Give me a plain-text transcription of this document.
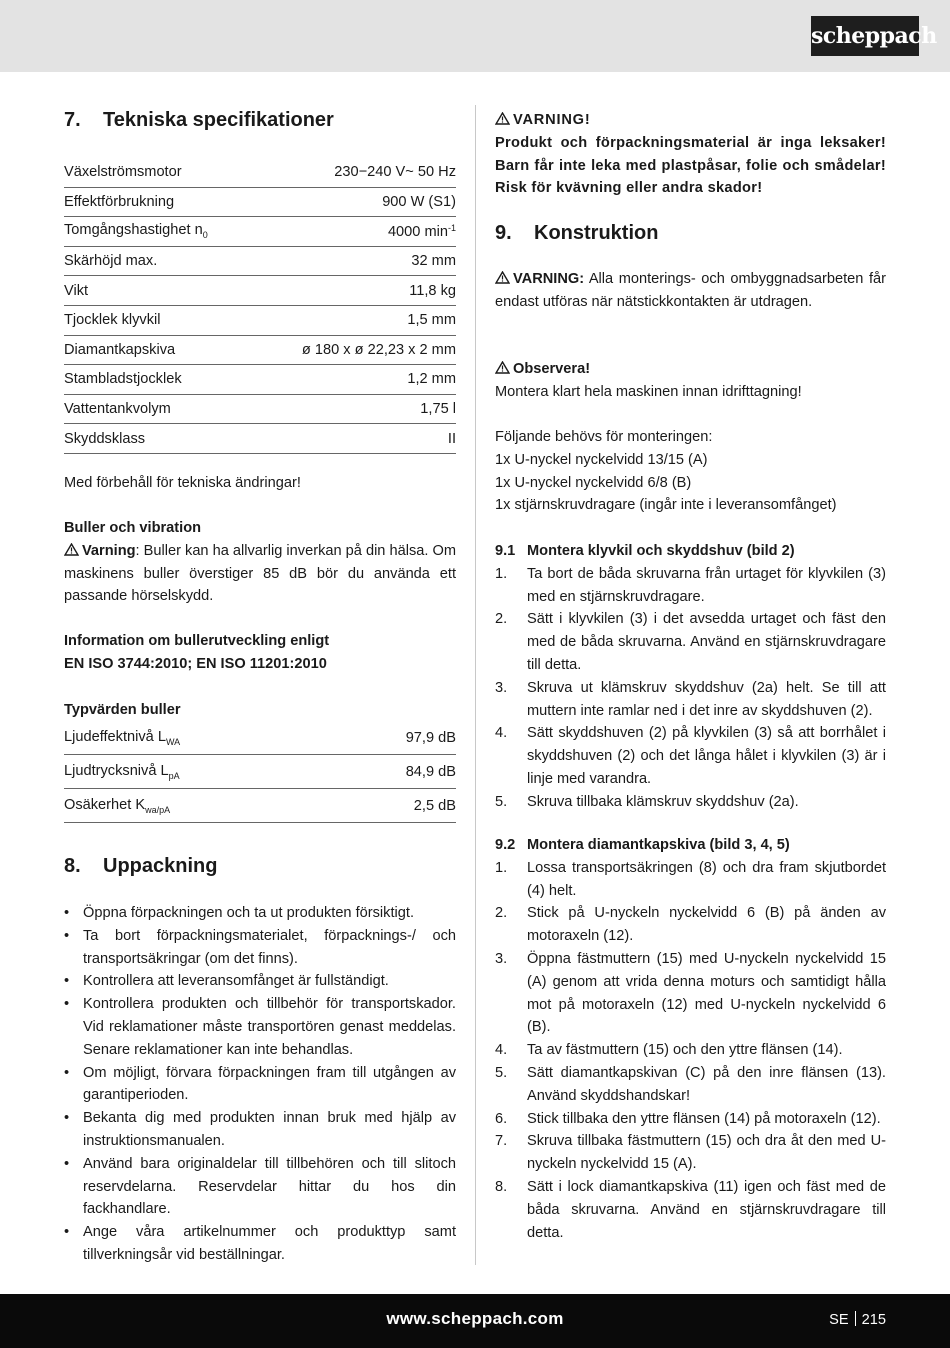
scheppach
7. Tekniska specifikationer
Växelströmsmotor	230−240 V~ 50 Hz
Effektförbrukning	900 W (S1)
Tomgångshastighet $n_0$	4000 $\min^{-1}$
Skärhöjd max.	32 mm
Vikt	11,8 kg
Tjocklek klyvkil	1,5 mm
Diamantkapskiva	ø 180 x ø 22,23 x 2 mm
Stambladstjocklek	1,2 mm
Vattentankvolym	1,75 l
Skyddsklass	II
Med förbehåll för tekniska ändringar!
Buller och vibration
Varning: Buller kan ha allvarlig inverkan på din hälsa. Om maskinens buller överstiger 85 dB bör du använda ett passande hörselskydd.
Information om bullerutveckling enligt
EN ISO 3744:2010; EN ISO 11201:2010
Typvärden buller
Ljudeffektnivå $L_{WA}$	97,9 dB
Ljudtrycksnivå $L_{pA}$	84,9 dB
Osäkerhet $K_{wa/pA}$	2,5 dB
8. Uppackning
• Öppna förpackningen och ta ut produkten försiktigt.
• Ta bort förpackningsmaterialet, förpacknings-/ och transportsäkringar (om det finns).
• Kontrollera att leveransomfånget är fullständigt.
• Kontrollera produkten och tillbehör för transportskador. Vid reklamationer måste transportören genast meddelas. Senare reklamationer kan inte behandlas.
• Om möjligt, förvara förpackningen fram till utgången av garantiperioden.
• Bekanta dig med produkten innan bruk med hjälp av instruktionsmanualen.
• Använd bara originaldelar till tillbehören och till slitoch reservdelarna. Reservdelar hittar du hos din fackhandlare.
• Ange våra artikelnummer och produkttyp samt tillverkningsår vid beställningar.
VARNING!
Produkt och förpackningsmaterial är inga leksaker! Barn får inte leka med plastpåsar, folie och smådelar! Risk för kvävning eller andra skador!
9. Konstruktion
VARNING: Alla monterings- och ombyggnadsarbeten får endast utföras när nätstickkontakten är utdragen.
Observera!
Montera klart hela maskinen innan idrifttagning!
Följande behövs för monteringen:
1x U-nyckel nyckelvidd 13/15 (A)
1x U-nyckel nyckelvidd 6/8 (B)
1x stjärnskruvdragare (ingår inte i leveransomfånget)
9.1 Montera klyvkil och skyddshuv (bild 2)
1. Ta bort de båda skruvarna från urtaget för klyvkilen (3) med en stjärnskruvdragare.
2. Sätt i klyvkilen (3) i det avsedda urtaget och fäst den med de båda skruvarna. Använd en stjärnskruvdragare till detta.
3. Skruva ut klämskruv skyddshuv (2a) helt. Se till att muttern inte ramlar ned i det inre av skyddshuven (2).
4. Sätt skyddshuven (2) på klyvkilen (3) så att borrhålet i skyddshuven (2) och det långa hålet i klyvkilen (3) är i linje med varandra.
5. Skruva tillbaka klämskruv skyddshuv (2a).
9.2 Montera diamantkapskiva (bild 3, 4, 5)
1. Lossa transportsäkringen (8) och dra fram skjutbordet (4) helt.
2. Stick på U-nyckeln nyckelvidd 6 (B) på änden av motoraxeln (12).
3. Öppna fästmuttern (15) med U-nyckeln nyckelvidd 15 (A) genom att vrida denna moturs och samtidigt hålla mot på motoraxeln (12) med U-nyckeln nyckelvidd 6 (B).
4. Ta av fästmuttern (15) och den yttre flänsen (14).
5. Sätt diamantkapskivan (C) på den inre flänsen (13). Använd skyddshandskar!
6. Stick tillbaka den yttre flänsen (14) på motoraxeln (12).
7. Skruva tillbaka fästmuttern (15) och dra åt den med U-nyckeln nyckelvidd 15 (A).
8. Sätt i lock diamantkapskiva (11) igen och fäst med de båda skruvarna. Använd en stjärnskruvdragare till detta.
www.scheppach.com	SE 215
